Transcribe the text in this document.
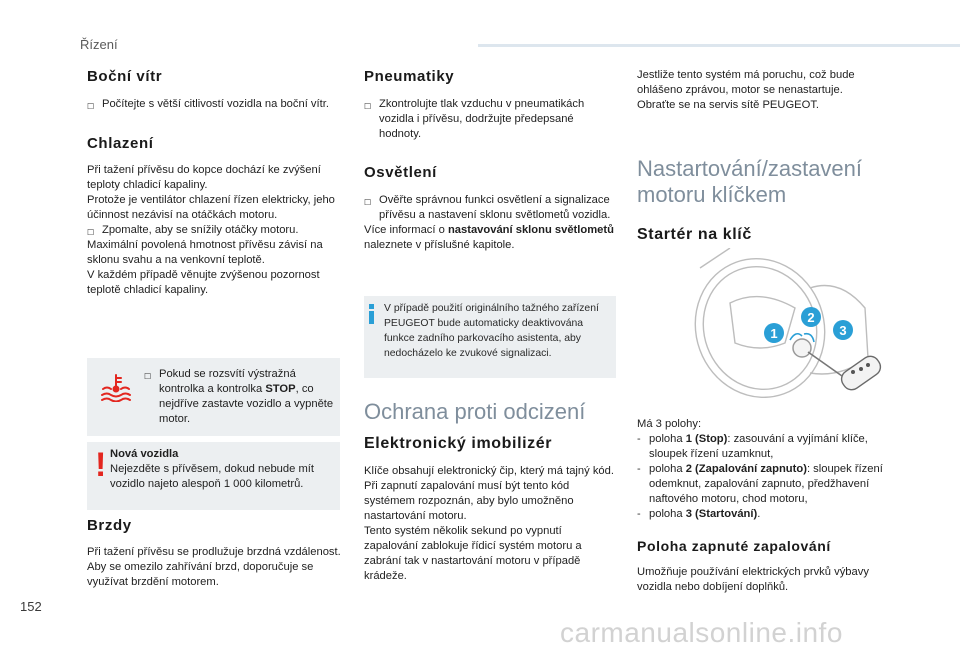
Řízení
Boční vítr
☐ Počítejte s větší citlivostí vozidla na boční vítr.
Chlazení

Při tažení přívěsu do kopce dochází ke zvýšení teploty chladicí kapaliny.

Protože je ventilátor chlazení řízen elektricky, jeho účinnost nezávisí na otáčkách motoru.

☐ Zpomalte, aby se snížily otáčky motoru.

Maximální povolená hmotnost přívěsu závisí na sklonu svahu a na venkovní teplotě.

V každém případě věnujte zvýšenou pozornost teplotě chladicí kapaliny.

☐ Pokud se rozsvítí výstražná kontrolka a kontrolka STOP, co nejdříve zastavte vozidlo a vypněte motor.
! Nová vozidla
Nejezděte s přívěsem, dokud nebude mít vozidlo najeto alespoň 1 000 kilometrů.
Brzdy

Při tažení přívěsu se prodlužuje brzdná vzdálenost.

Aby se omezilo zahřívání brzd, doporučuje se využívat brzdění motorem.

Pneumatiky
☐ Zkontrolujte tlak vzduchu v pneumatikách vozidla i přívěsu, dodržujte předepsané hodnoty.
Osvětlení
☐ Ověřte správnou funkci osvětlení a signalizace přívěsu a nastavení sklonu světlometů vozidla.

Více informací o nastavování sklonu světlometů naleznete v příslušné kapitole.

V případě použití originálního tažného zařízení PEUGEOT bude automaticky deaktivována funkce zadního parkovacího asistenta, aby nedocházelo ke zvukové signalizaci.
Ochrana proti odcizení
Elektronický imobilizér

Klíče obsahují elektronický čip, který má tajný kód. Při zapnutí zapalování musí být tento kód systémem rozpoznán, aby bylo umožněno nastartování motoru.

Tento systém několik sekund po vypnutí zapalování zablokuje řídicí systém motoru a zabrání tak v nastartování motoru v případě krádeže.

Jestliže tento systém má poruchu, což bude ohlášeno zprávou, motor se nenastartuje. Obraťte se na servis sítě PEUGEOT.

Nastartování/zastavení
motoru klíčkem
Startér na klíč
1
2
3

Má 3 polohy:

- poloha 1 (Stop): zasouvání a vyjímání klíče, sloupek řízení uzamknut,
- poloha 2 (Zapalování zapnuto): sloupek řízení odemknut, zapalování zapnuto, předžhavení naftového motoru, chod motoru,
- poloha 3 (Startování).
Poloha zapnuté zapalování

Umožňuje používání elektrických prvků výbavy vozidla nebo dobíjení doplňků.

152
carmanualsonline.info
